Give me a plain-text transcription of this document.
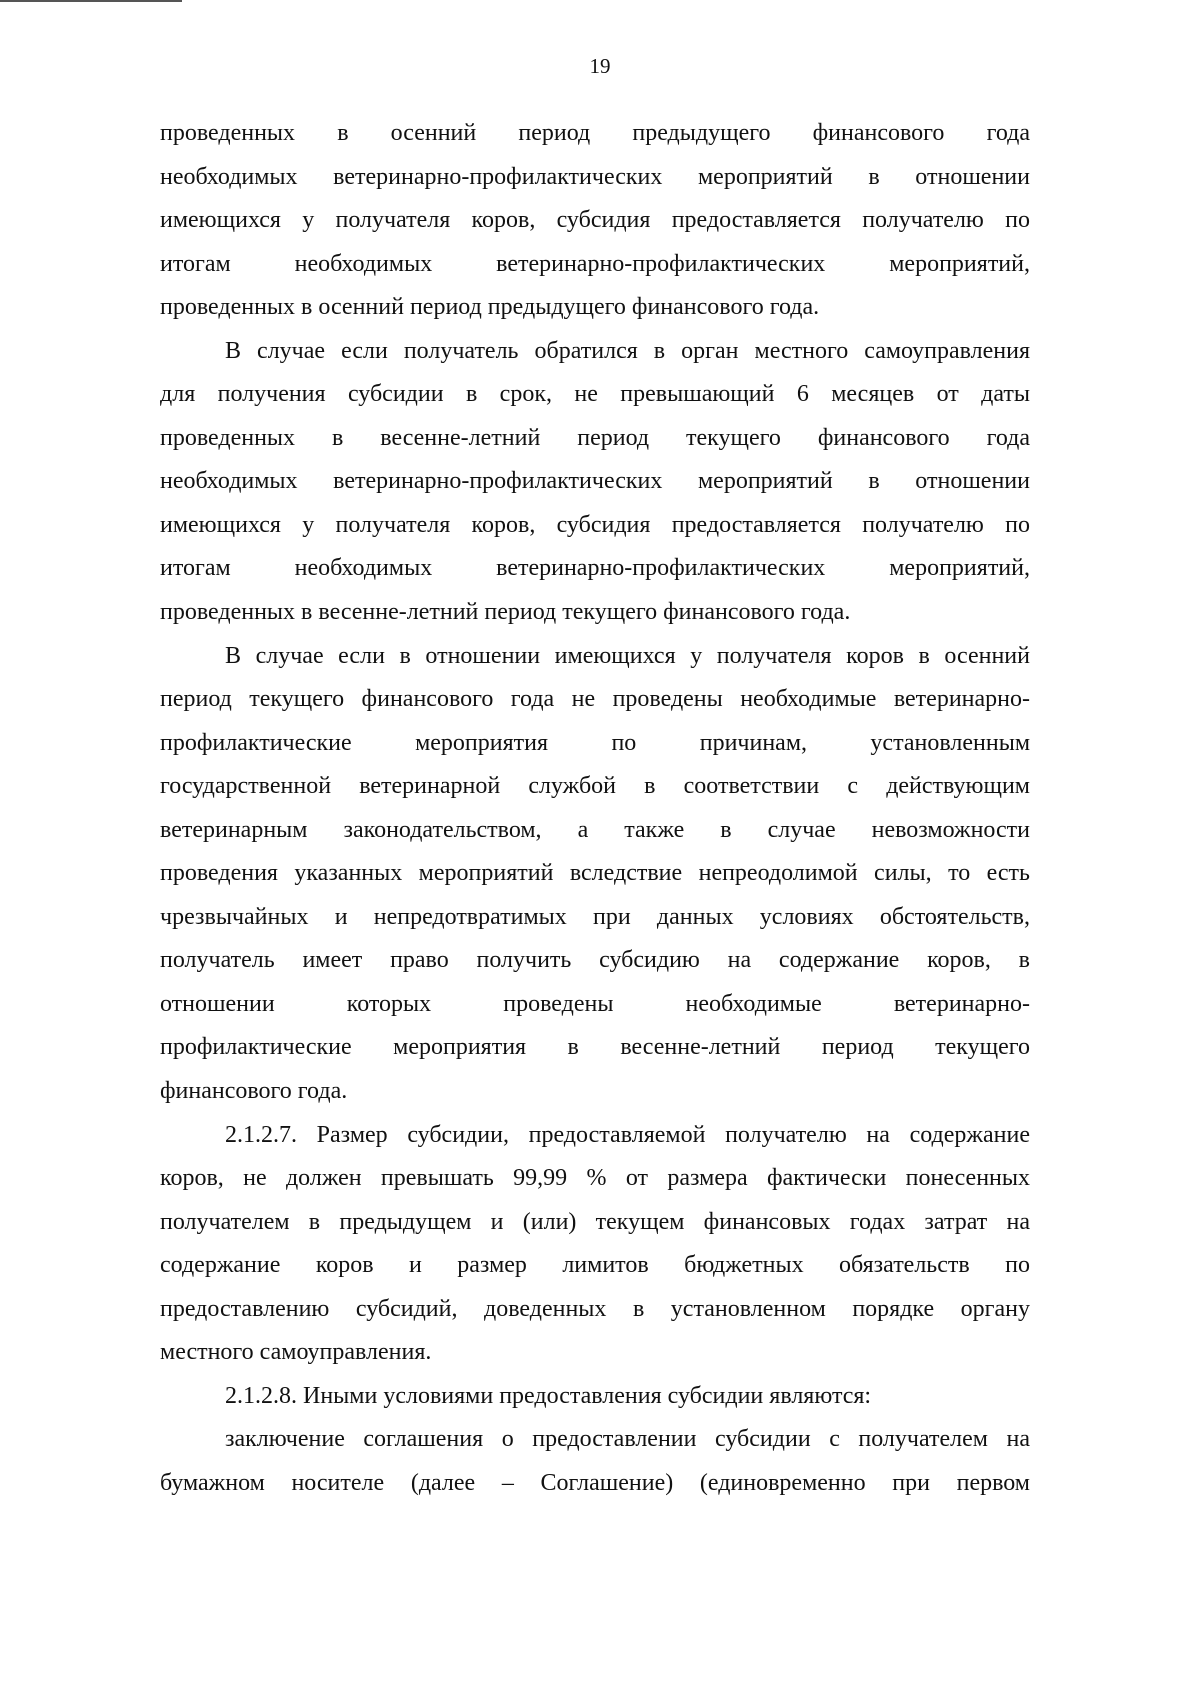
19
проведенных в осенний период предыдущего финансового года
необходимых ветеринарно-профилактических мероприятий в отношении
имеющихся у получателя коров, субсидия предоставляется получателю по
итогам необходимых ветеринарно-профилактических мероприятий,
проведенных в осенний период предыдущего финансового года.
В случае если получатель обратился в орган местного самоуправления
для получения субсидии в срок, не превышающий 6 месяцев от даты
проведенных в весенне-летний период текущего финансового года
необходимых ветеринарно-профилактических мероприятий в отношении
имеющихся у получателя коров, субсидия предоставляется получателю по
итогам необходимых ветеринарно-профилактических мероприятий,
проведенных в весенне-летний период текущего финансового года.
В случае если в отношении имеющихся у получателя коров в осенний
период текущего финансового года не проведены необходимые ветеринарно-
профилактические мероприятия по причинам, установленным
государственной ветеринарной службой в соответствии с действующим
ветеринарным законодательством, а также в случае невозможности
проведения указанных мероприятий вследствие непреодолимой силы, то есть
чрезвычайных и непредотвратимых при данных условиях обстоятельств,
получатель имеет право получить субсидию на содержание коров, в
отношении которых проведены необходимые ветеринарно-
профилактические мероприятия в весенне-летний период текущего
финансового года.
2.1.2.7. Размер субсидии, предоставляемой получателю на содержание
коров, не должен превышать 99,99 % от размера фактически понесенных
получателем в предыдущем и (или) текущем финансовых годах затрат на
содержание коров и размер лимитов бюджетных обязательств по
предоставлению субсидий, доведенных в установленном порядке органу
местного самоуправления.
2.1.2.8. Иными условиями предоставления субсидии являются:
заключение соглашения о предоставлении субсидии с получателем на
бумажном носителе (далее – Соглашение) (единовременно при первом
